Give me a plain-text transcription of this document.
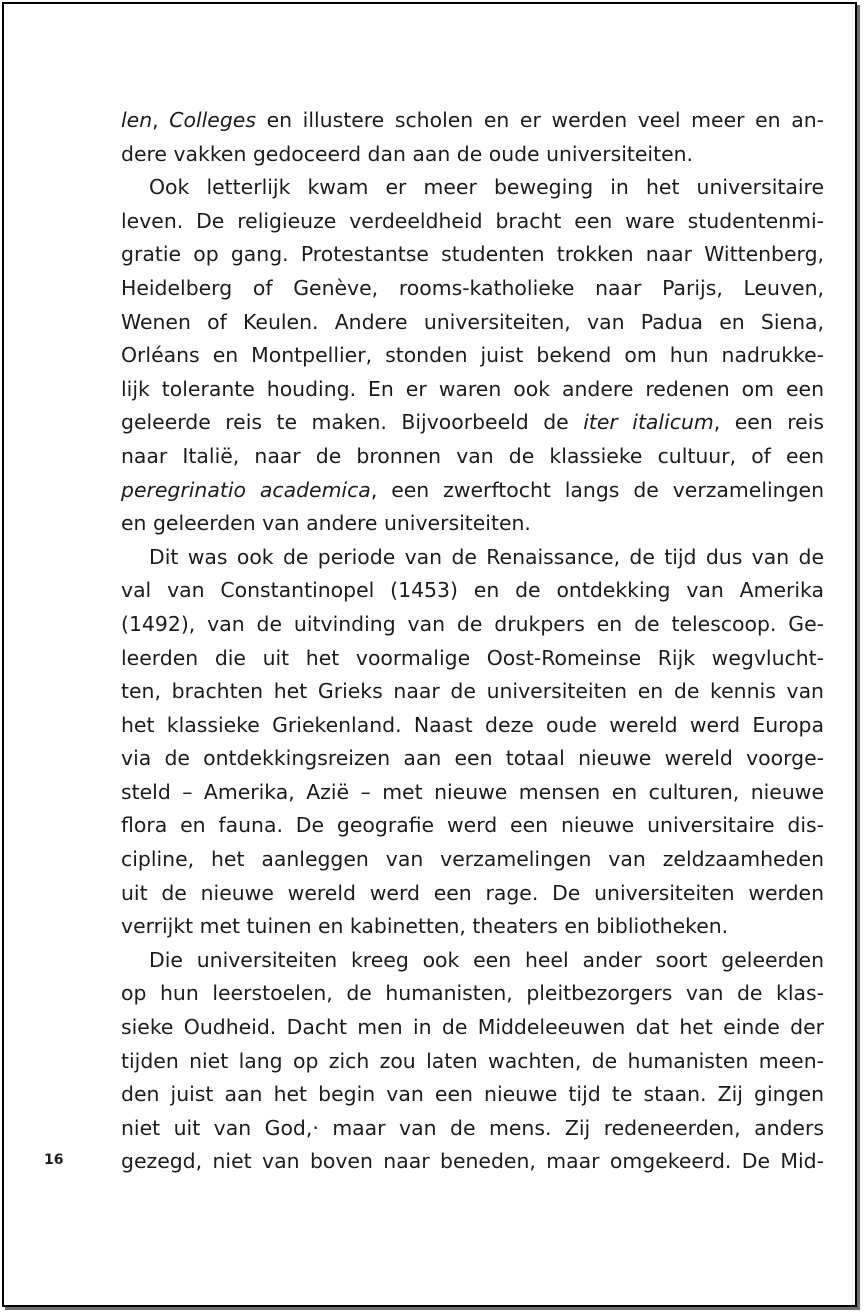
len, Colleges en illustere scholen en er werden veel meer en an-
dere vakken gedoceerd dan aan de oude universiteiten.
Ook letterlijk kwam er meer beweging in het universitaire
leven. De religieuze verdeeldheid bracht een ware studentenmi-
gratie op gang. Protestantse studenten trokken naar Wittenberg,
Heidelberg of Genève, rooms-katholieke naar Parijs, Leuven,
Wenen of Keulen. Andere universiteiten, van Padua en Siena,
Orléans en Montpellier, stonden juist bekend om hun nadrukke-
lijk tolerante houding. En er waren ook andere redenen om een
geleerde reis te maken. Bijvoorbeeld de iter italicum, een reis
naar Italië, naar de bronnen van de klassieke cultuur, of een
peregrinatio academica, een zwerftocht langs de verzamelingen
en geleerden van andere universiteiten.
Dit was ook de periode van de Renaissance, de tijd dus van de
val van Constantinopel (1453) en de ontdekking van Amerika
(1492), van de uitvinding van de drukpers en de telescoop. Ge-
leerden die uit het voormalige Oost-Romeinse Rijk wegvlucht-
ten, brachten het Grieks naar de universiteiten en de kennis van
het klassieke Griekenland. Naast deze oude wereld werd Europa
via de ontdekkingsreizen aan een totaal nieuwe wereld voorge-
steld – Amerika, Azië – met nieuwe mensen en culturen, nieuwe
flora en fauna. De geografie werd een nieuwe universitaire dis-
cipline, het aanleggen van verzamelingen van zeldzaamheden
uit de nieuwe wereld werd een rage. De universiteiten werden
verrijkt met tuinen en kabinetten, theaters en bibliotheken.
Die universiteiten kreeg ook een heel ander soort geleerden
op hun leerstoelen, de humanisten, pleitbezorgers van de klas-
sieke Oudheid. Dacht men in de Middeleeuwen dat het einde der
tijden niet lang op zich zou laten wachten, de humanisten meen-
den juist aan het begin van een nieuwe tijd te staan. Zij gingen
niet uit van God,· maar van de mens. Zij redeneerden, anders
gezegd, niet van boven naar beneden, maar omgekeerd. De Mid-
16
